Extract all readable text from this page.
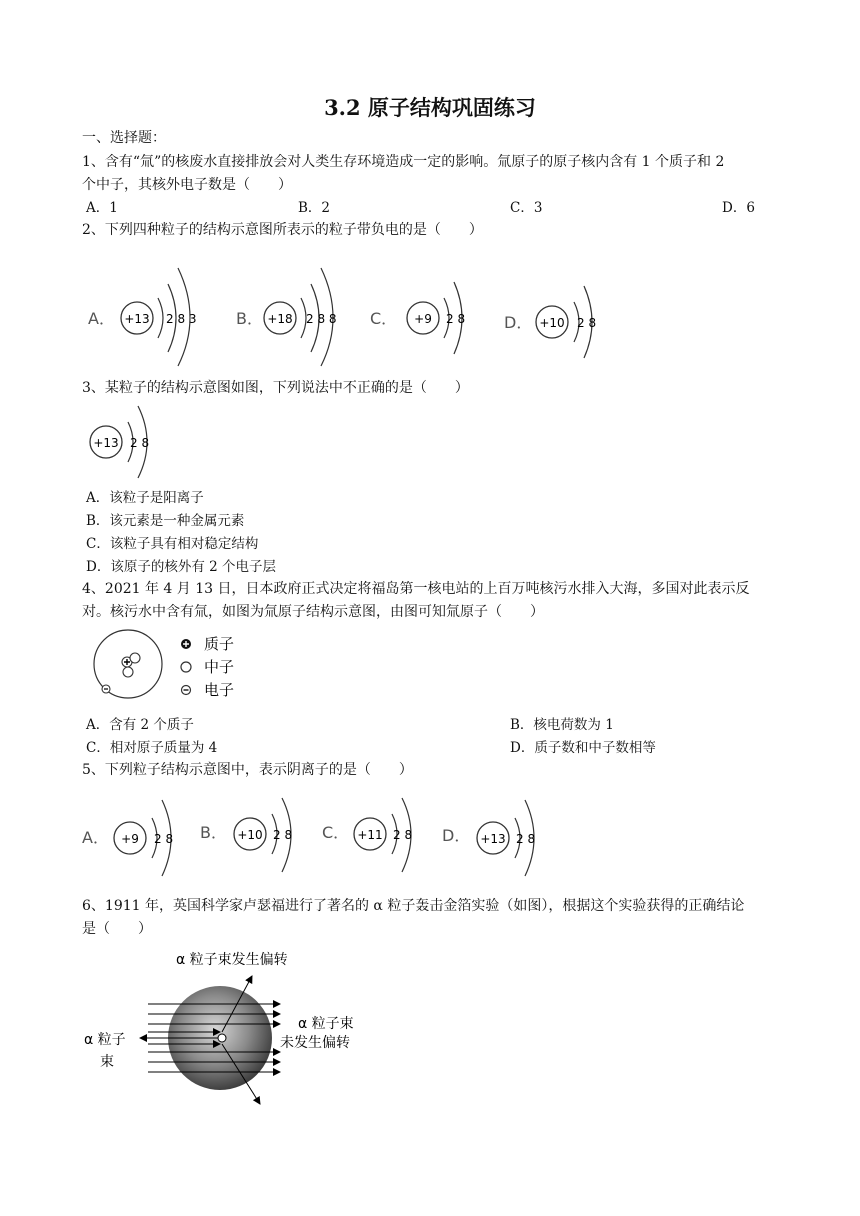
3.2 原子结构巩固练习
一、选择题：
1、含有“氚”的核废水直接排放会对人类生存环境造成一定的影响。氚原子的原子核内含有 1 个质子和 2
个中子，其核外电子数是（　　）
A．1	B．2	C．3	D．6
2、下列四种粒子的结构示意图所表示的粒子带负电的是（　　）
A． +13 2 8 3 B． +18 2 8 8 C． +9 2 8 D． +10 2 8
3、某粒子的结构示意图如图，下列说法中不正确的是（　　）
+13 2 8
A．该粒子是阳离子
B．该元素是一种金属元素
C．该粒子具有相对稳定结构
D．该原子的核外有 2 个电子层
4、2021 年 4 月 13 日，日本政府正式决定将福岛第一核电站的上百万吨核污水排入大海，多国对此表示反
对。核污水中含有氚，如图为氚原子结构示意图，由图可知氚原子（　　）
质子
中子
电子
A．含有 2 个质子	B．核电荷数为 1
C．相对原子质量为 4	D．质子数和中子数相等
5、下列粒子结构示意图中，表示阴离子的是（　　）
A． +9 2 8 B． +10 2 8 C． +11 2 8 D． +13 2 8
6、1911 年，英国科学家卢瑟福进行了著名的 α 粒子轰击金箔实验（如图），根据这个实验获得的正确结论
是（　　）
α 粒子束发生偏转
α 粒子束
未发生偏转
α 粒子
束
